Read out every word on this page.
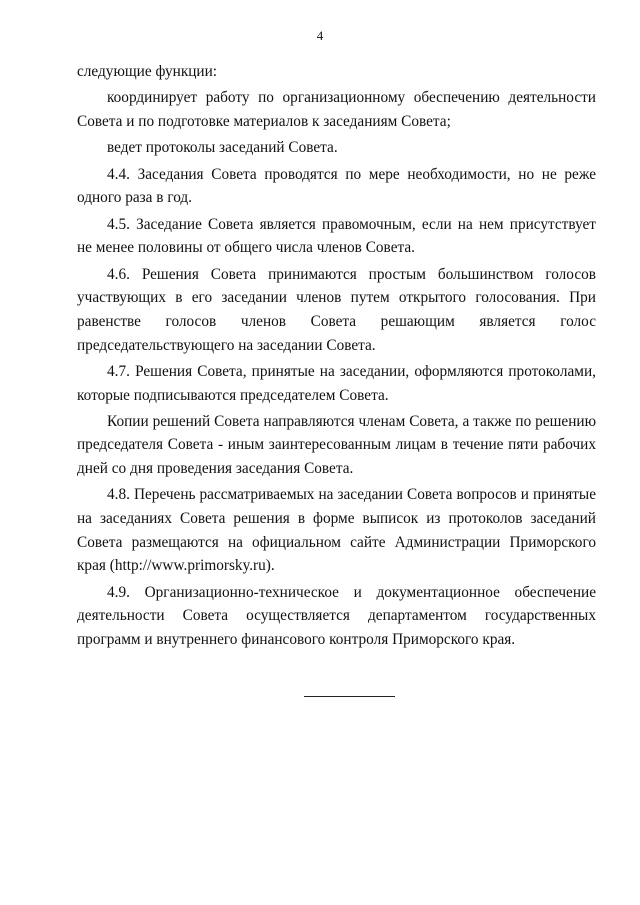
4

следующие функции:

координирует работу по организационному обеспечению деятельности Совета и по подготовке материалов к заседаниям Совета;

ведет протоколы заседаний Совета.

4.4. Заседания Совета проводятся по мере необходимости, но не реже одного раза в год.

4.5. Заседание Совета является правомочным, если на нем присутствует не менее половины от общего числа членов Совета.

4.6. Решения Совета принимаются простым большинством голосов участвующих в его заседании членов путем открытого голосования. При равенстве голосов членов Совета решающим является голос председательствующего на заседании Совета.

4.7. Решения Совета, принятые на заседании, оформляются протоколами, которые подписываются председателем Совета.

Копии решений Совета направляются членам Совета, а также по решению председателя Совета - иным заинтересованным лицам в течение пяти рабочих дней со дня проведения заседания Совета.

4.8. Перечень рассматриваемых на заседании Совета вопросов и принятые на заседаниях Совета решения в форме выписок из протоколов заседаний Совета размещаются на официальном сайте Администрации Приморского края (http://www.primorsky.ru).

4.9. Организационно-техническое и документационное обеспечение деятельности Совета осуществляется департаментом государственных программ и внутреннего финансового контроля Приморского края.
